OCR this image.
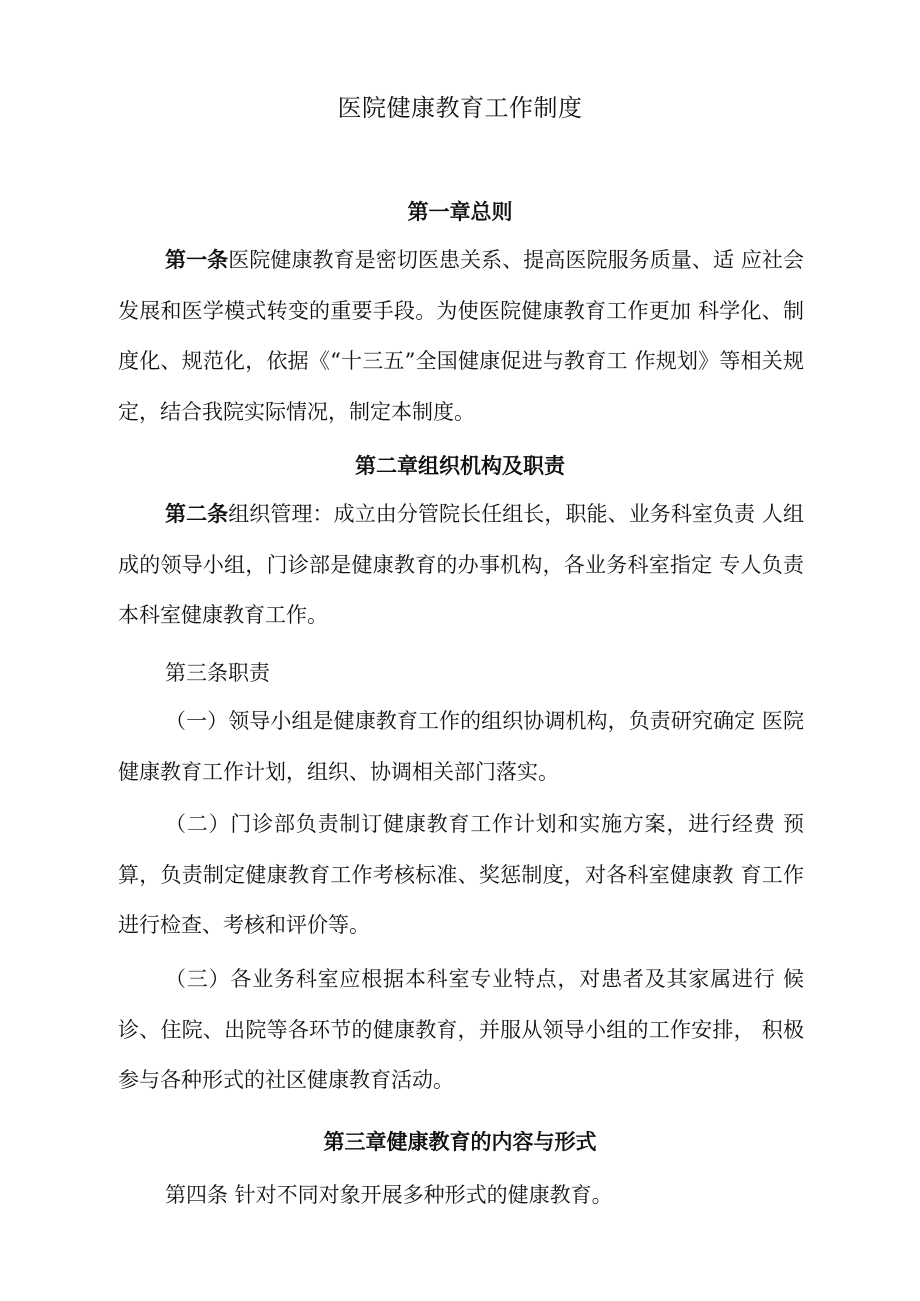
医院健康教育工作制度
第一章总则

第一条医院健康教育是密切医患关系、提高医院服务质量、适 应社会发展和医学模式转变的重要手段。为使医院健康教育工作更加 科学化、制度化、规范化，依据《“十三五”全国健康促进与教育工 作规划》等相关规定，结合我院实际情况，制定本制度。

第二章组织机构及职责

第二条组织管理：成立由分管院长任组长，职能、业务科室负责 人组成的领导小组，门诊部是健康教育的办事机构，各业务科室指定 专人负责本科室健康教育工作。

第三条职责

（一）领导小组是健康教育工作的组织协调机构，负责研究确定 医院健康教育工作计划，组织、协调相关部门落实。

（二）门诊部负责制订健康教育工作计划和实施方案，进行经费 预算，负责制定健康教育工作考核标准、奖惩制度，对各科室健康教 育工作进行检查、考核和评价等。

（三）各业务科室应根据本科室专业特点，对患者及其家属进行 候诊、住院、出院等各环节的健康教育，并服从领导小组的工作安排， 积极参与各种形式的社区健康教育活动。

第三章健康教育的内容与形式
第四条 针对不同对象开展多种形式的健康教育。
